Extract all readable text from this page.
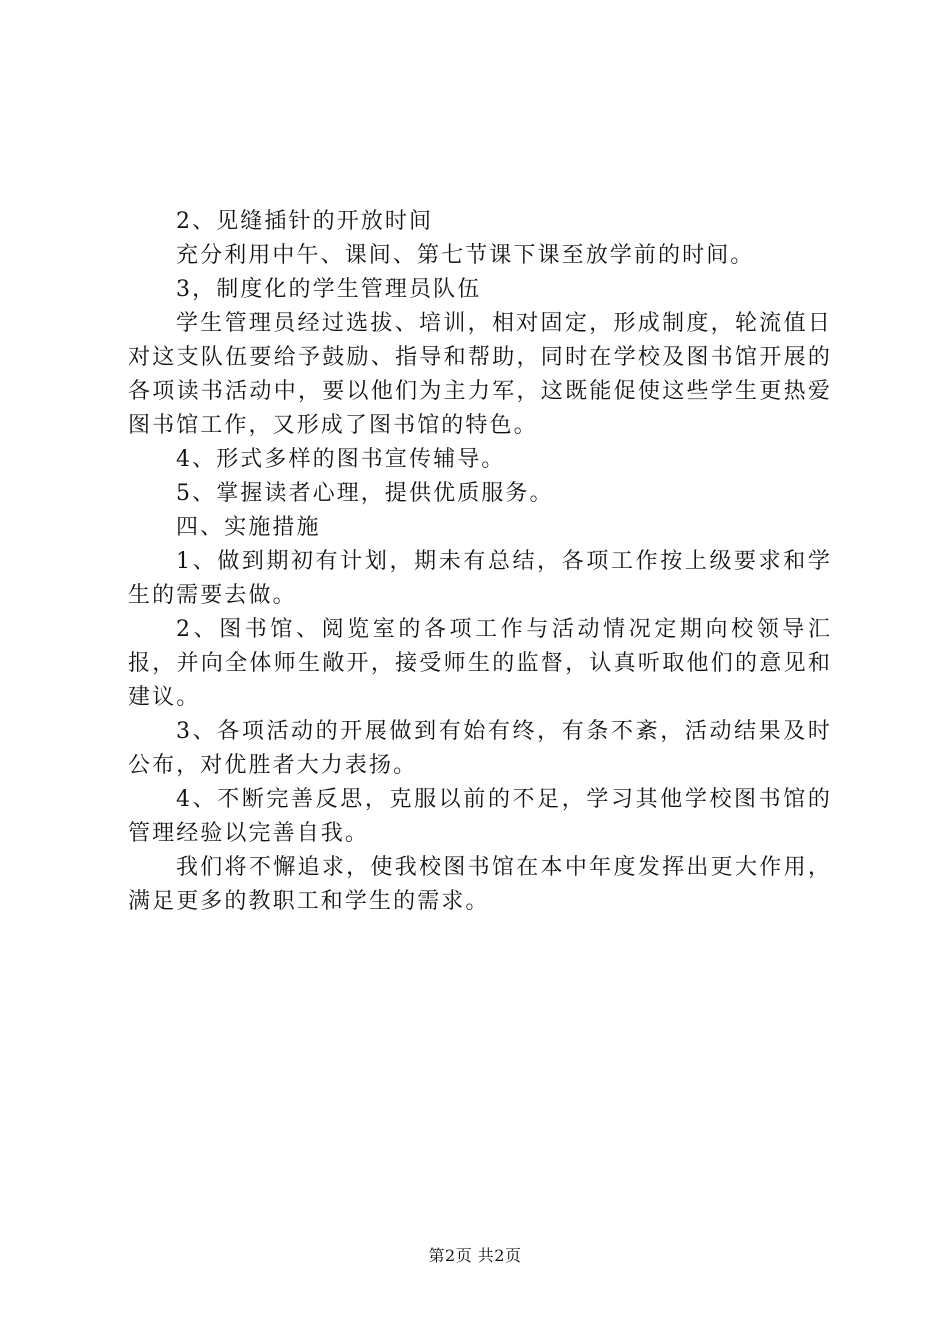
2、见缝插针的开放时间

充分利用中午、课间、第七节课下课至放学前的时间。

3，制度化的学生管理员队伍

学生管理员经过选拔、培训，相对固定，形成制度，轮流值日对这支队伍要给予鼓励、指导和帮助，同时在学校及图书馆开展的各项读书活动中，要以他们为主力军，这既能促使这些学生更热爱图书馆工作，又形成了图书馆的特色。

4、形式多样的图书宣传辅导。

5、掌握读者心理，提供优质服务。

四、实施措施

1、做到期初有计划，期未有总结，各项工作按上级要求和学生的需要去做。

2、图书馆、阅览室的各项工作与活动情况定期向校领导汇报，并向全体师生敞开，接受师生的监督，认真听取他们的意见和建议。

3、各项活动的开展做到有始有终，有条不紊，活动结果及时公布，对优胜者大力表扬。

4、不断完善反思，克服以前的不足，学习其他学校图书馆的管理经验以完善自我。

我们将不懈追求，使我校图书馆在本中年度发挥出更大作用，满足更多的教职工和学生的需求。

第2页 共2页
